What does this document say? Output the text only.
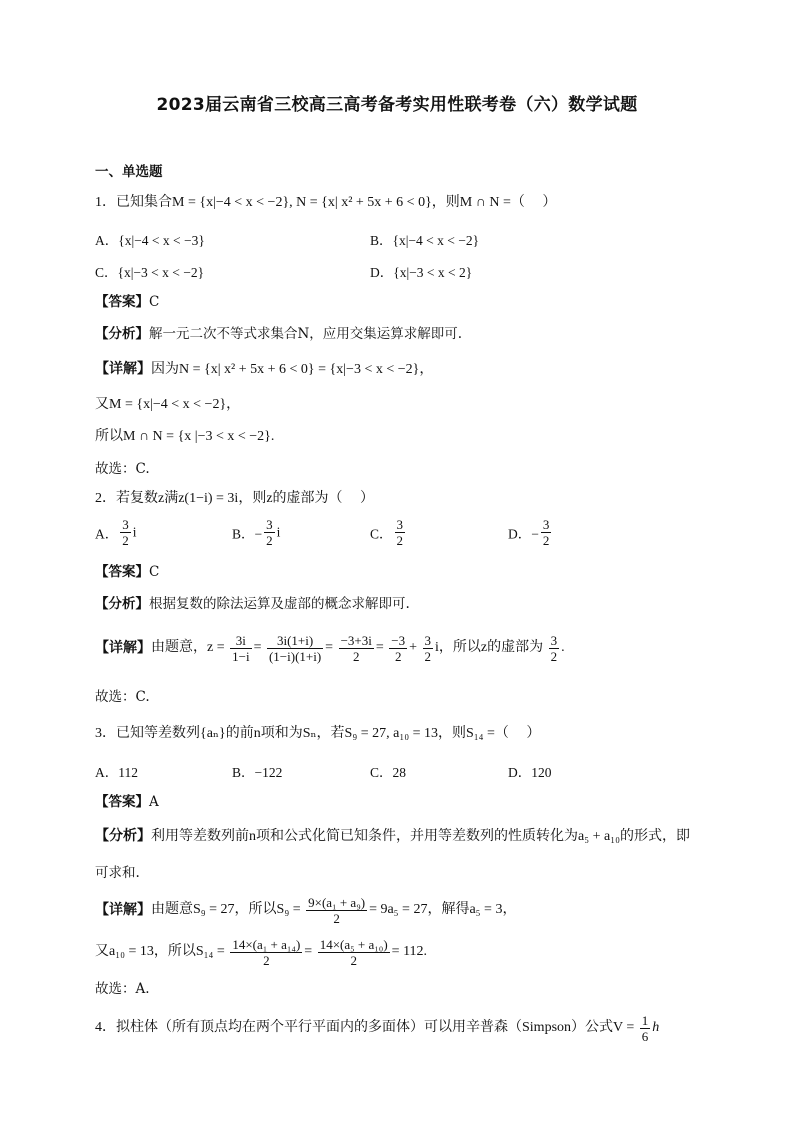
2023届云南省三校高三高考备考实用性联考卷（六）数学试题
一、单选题
1．已知集合M = {x|−4 < x < −2}, N = {x| x² + 5x + 6 < 0}，则M ∩ N =（　 ）
A．{x|−4 < x < −3}	B．{x|−4 < x < −2}
C．{x|−3 < x < −2}	D．{x|−3 < x < 2}
【答案】C
【分析】解一元二次不等式求集合N，应用交集运算求解即可.
【详解】因为N = {x| x² + 5x + 6 < 0} = {x|−3 < x < −2}，
又M = {x|−4 < x < −2}，
所以M ∩ N = {x |−3 < x < −2}.
故选：C.
2．若复数z满z(1−i) = 3i，则z的虚部为（　 ）
A． $\frac{3}{2}$ i	B．− $\frac{3}{2}$ i	C． $\frac{3}{2}$	D．− $\frac{3}{2}$
【答案】C
【分析】根据复数的除法运算及虚部的概念求解即可.
【详解】由题意，$z = \frac{3i}{1-i} = \frac{3i(1+i)}{(1-i)(1+i)} = \frac{-3+3i}{2} = \frac{-3}{2} + \frac{3}{2}$ i，所以z的虚部为 $\frac{3}{2}$ .
故选：C.
3．已知等差数列{aₙ}的前n项和为Sₙ，若S₉ = 27, a₁₀ = 13，则S₁₄ =（　 ）
A．112	B．−122	C．28	D．120
【答案】A
【分析】利用等差数列前n项和公式化简已知条件，并用等差数列的性质转化为a₅ + a₁₀的形式，即
可求和.
【详解】由题意S₉ = 27，所以$S_9 = \frac{\text{9×(a₁ + a₉)}}{2} = 9a_5 = 27$，解得a₅ = 3，
又a₁₀ = 13，所以$S_{14} = \frac{\text{14×(a₁ + a₁₄)}}{2} = \frac{\text{14×(a₅ + a₁₀)}}{2} = 112$.
故选：A.
4．拟柱体（所有顶点均在两个平行平面内的多面体）可以用辛普森（Simpson）公式$V = \frac{1}{6}$ h
